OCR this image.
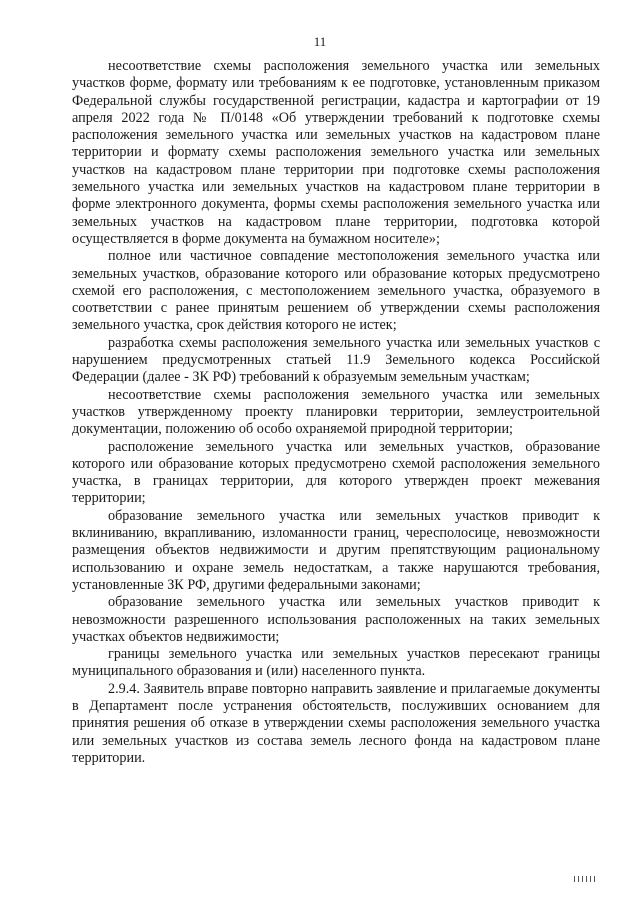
11

несоответствие схемы расположения земельного участка или земельных участков форме, формату или требованиям к ее подготовке, установленным приказом Федеральной службы государственной регистрации, кадастра и картографии от 19 апреля 2022 года № П/0148 «Об утверждении требований к подготовке схемы расположения земельного участка или земельных участков на кадастровом плане территории и формату схемы расположения земельного участка или земельных участков на кадастровом плане территории при подготовке схемы расположения земельного участка или земельных участков на кадастровом плане территории в форме электронного документа, формы схемы расположения земельного участка или земельных участков на кадастровом плане территории, подготовка которой осуществляется в форме документа на бумажном носителе»;

полное или частичное совпадение местоположения земельного участка или земельных участков, образование которого или образование которых предусмотрено схемой его расположения, с местоположением земельного участка, образуемого в соответствии с ранее принятым решением об утверждении схемы расположения земельного участка, срок действия которого не истек;

разработка схемы расположения земельного участка или земельных участков с нарушением предусмотренных статьей 11.9 Земельного кодекса Российской Федерации (далее - ЗК РФ) требований к образуемым земельным участкам;

несоответствие схемы расположения земельного участка или земельных участков утвержденному проекту планировки территории, землеустроительной документации, положению об особо охраняемой природной территории;

расположение земельного участка или земельных участков, образование которого или образование которых предусмотрено схемой расположения земельного участка, в границах территории, для которого утвержден проект межевания территории;

образование земельного участка или земельных участков приводит к вклиниванию, вкрапливанию, изломанности границ, чересполосице, невозможности размещения объектов недвижимости и другим препятствующим рациональному использованию и охране земель недостаткам, а также нарушаются требования, установленные ЗК РФ, другими федеральными законами;

образование земельного участка или земельных участков приводит к невозможности разрешенного использования расположенных на таких земельных участках объектов недвижимости;

границы земельного участка или земельных участков пересекают границы муниципального образования и (или) населенного пункта.

2.9.4. Заявитель вправе повторно направить заявление и прилагаемые документы в Департамент после устранения обстоятельств, послуживших основанием для принятия решения об отказе в утверждении схемы расположения земельного участка или земельных участков из состава земель лесного фонда на кадастровом плане территории.
